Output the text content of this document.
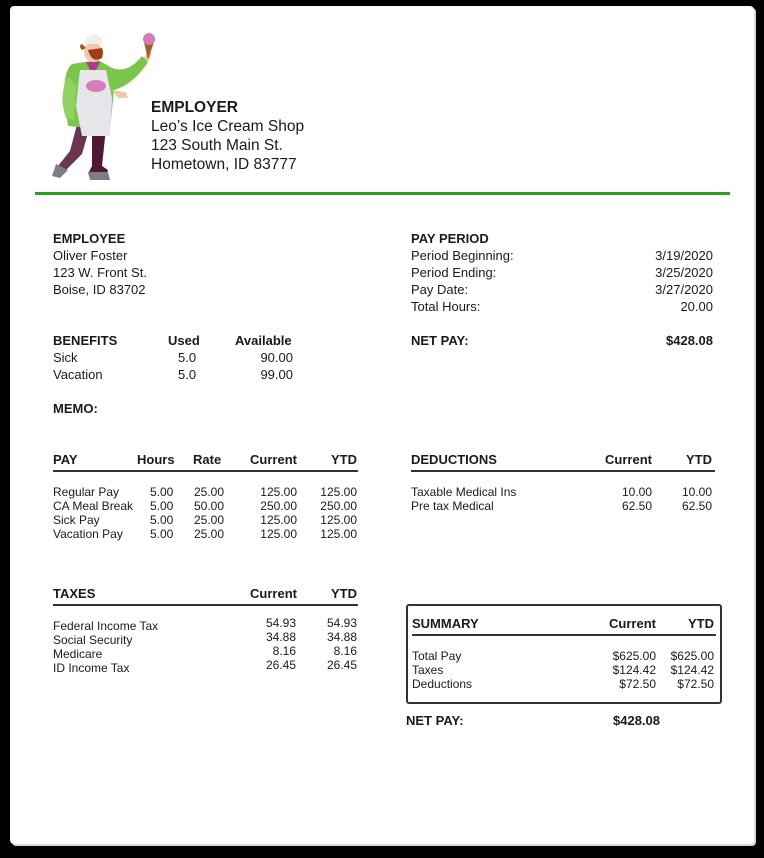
EMPLOYER
Leo’s Ice Cream Shop
123 South Main St.
Hometown, ID 83777
EMPLOYEE
Oliver Foster
123 W. Front St.
Boise, ID 83702
PAY PERIOD
Period Beginning:	3/19/2020
Period Ending:	3/25/2020
Pay Date:	3/27/2020
Total Hours:	20.00
NET PAY:	$428.08
BENEFITS	Used	Available
Sick	5.0	90.00
Vacation	5.0	99.00
MEMO:
PAY	Hours Rate Current	YTD
Regular Pay	5.00 25.00	125.00 125.00
CA Meal Break 5.00 50.00	250.00 250.00
Sick Pay	5.00 25.00	125.00 125.00
Vacation Pay 5.00 25.00	125.00 125.00
DEDUCTIONS	Current	YTD
Taxable Medical Ins	10.00 10.00
Pre tax Medical	62.50 62.50
TAXES	Current	YTD
Federal Income Tax	54.93	54.93
Social Security	34.88	34.88
Medicare	8.16	8.16
ID Income Tax	26.45	26.45
SUMMARY	Current YTD
Total Pay	$625.00 $625.00
Taxes	$124.42 $124.42
Deductions	$72.50 $72.50
NET PAY:	$428.08
